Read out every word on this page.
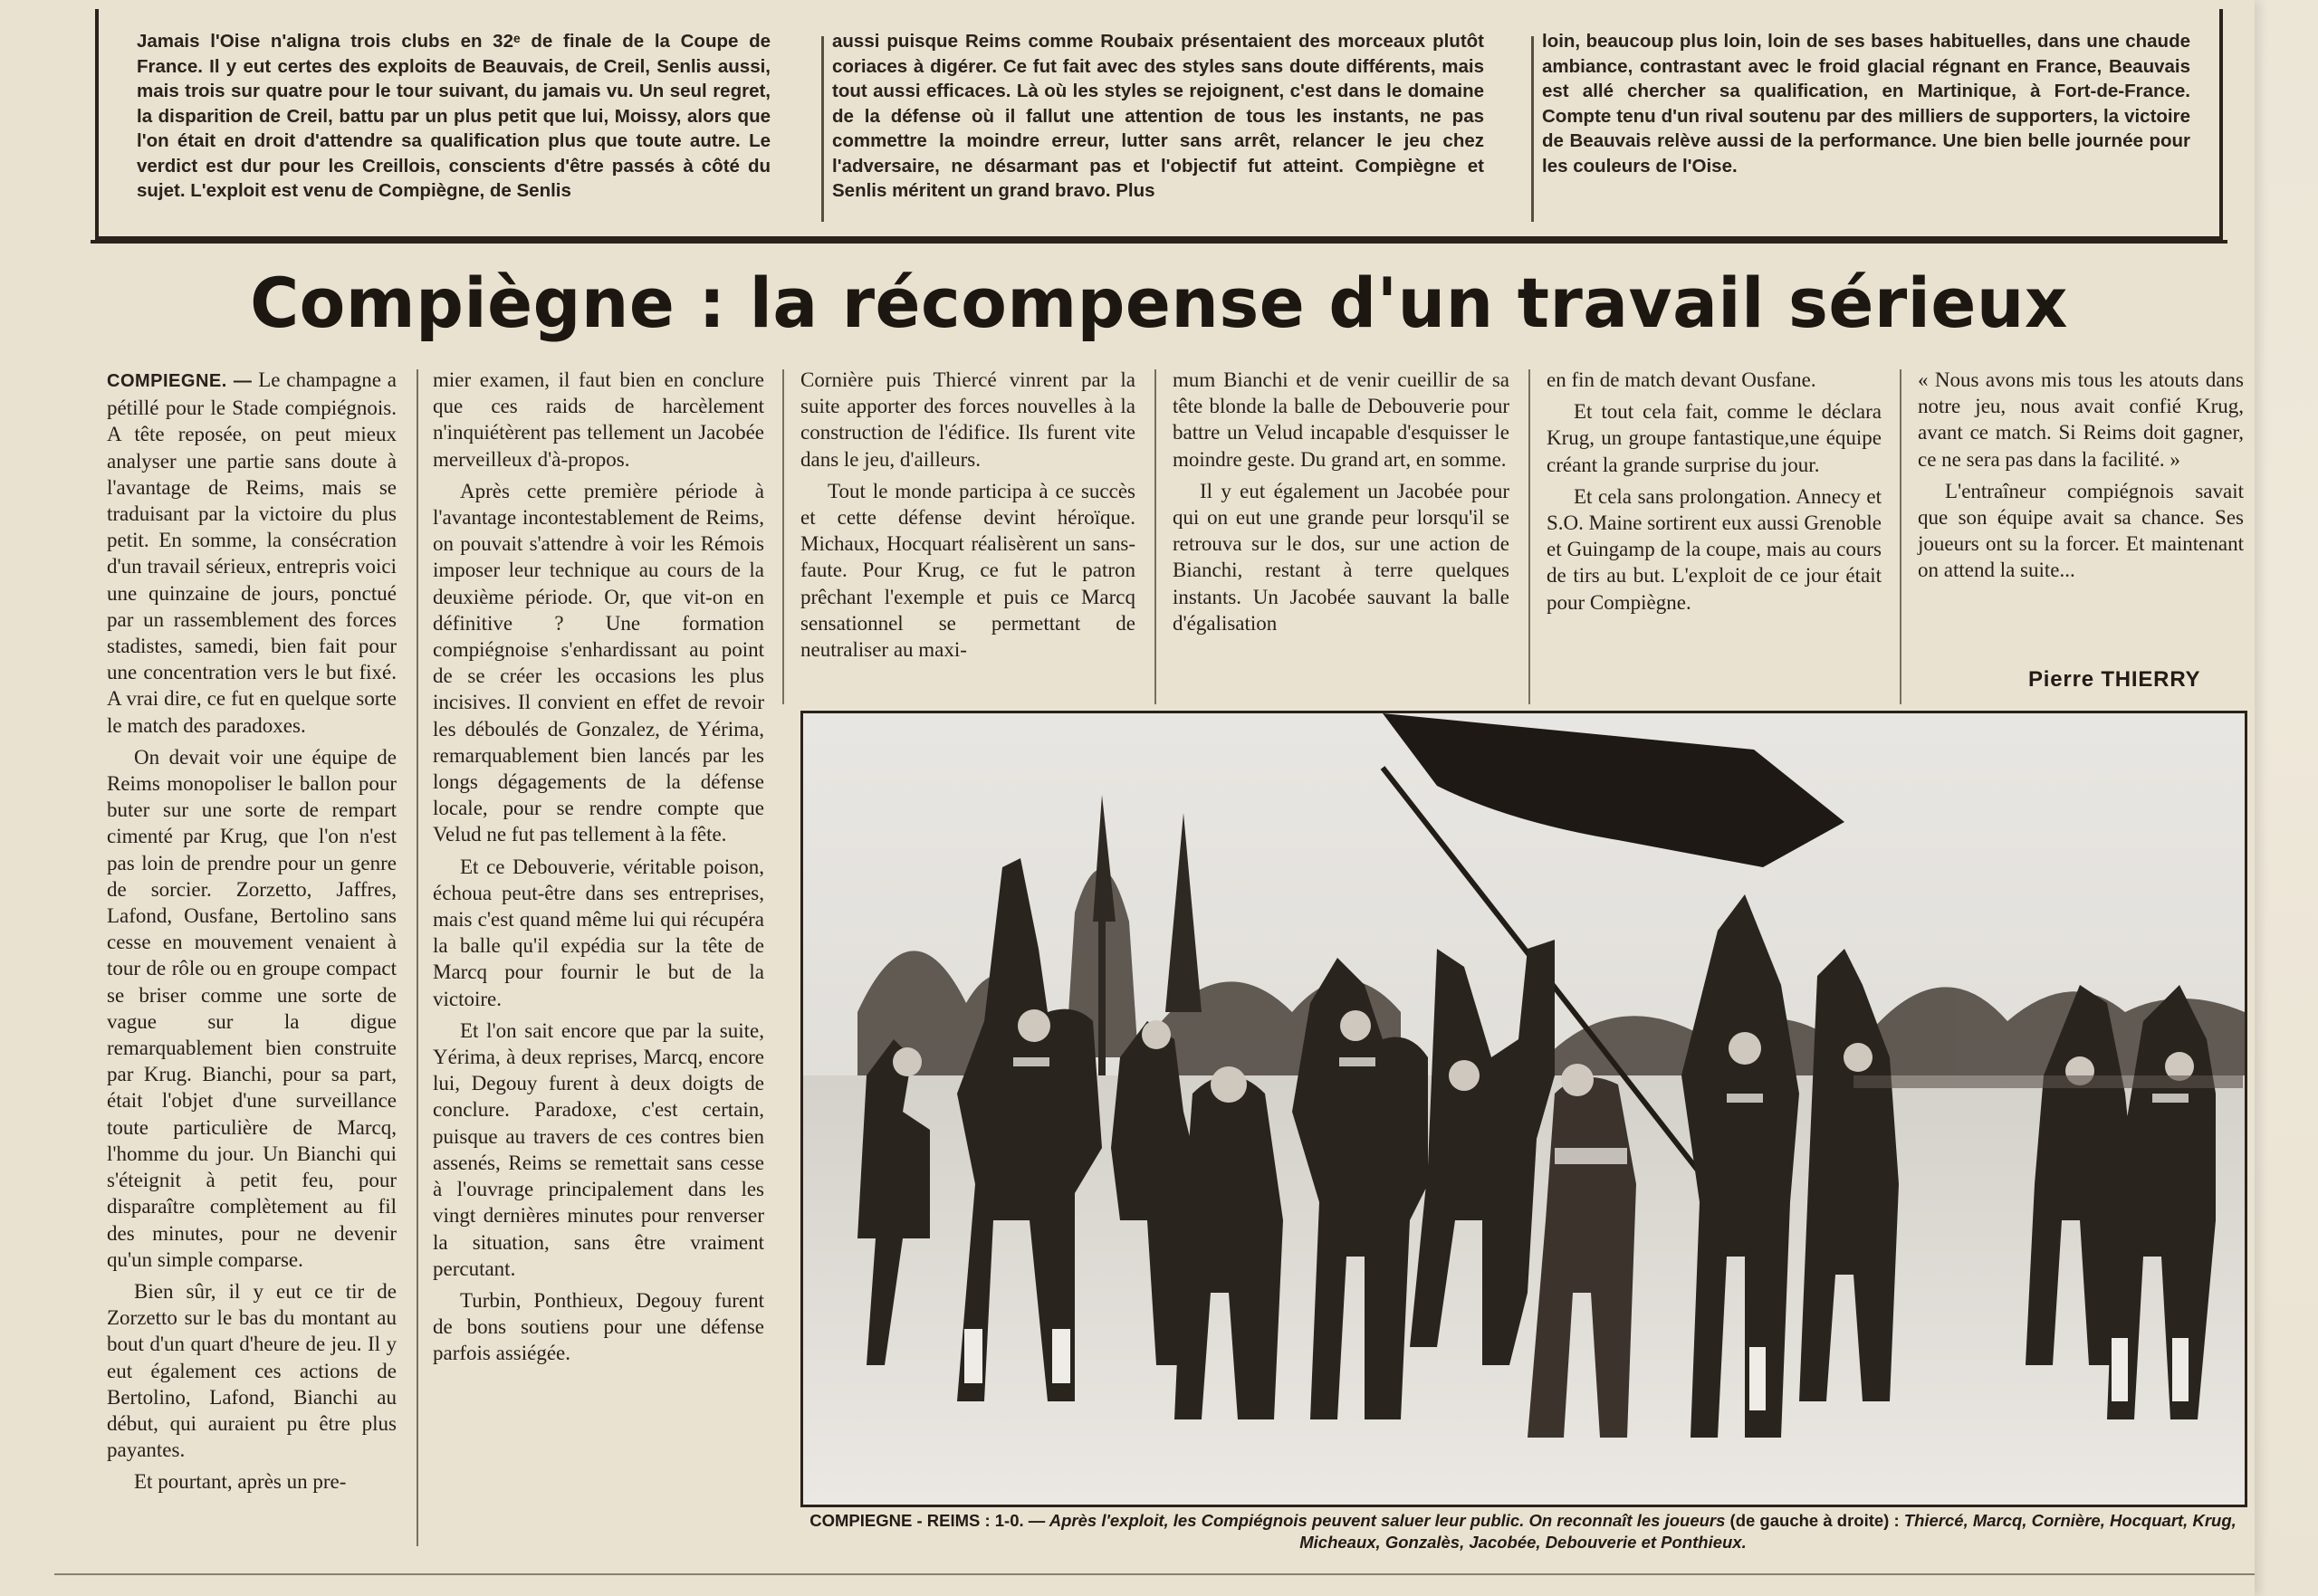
Jamais l'Oise n'aligna trois clubs en 32ᵉ de finale de la Coupe de France. Il y eut certes des exploits de Beauvais, de Creil, Senlis aussi, mais trois sur quatre pour le tour suivant, du jamais vu. Un seul regret, la disparition de Creil, battu par un plus petit que lui, Moissy, alors que l'on était en droit d'attendre sa qualification plus que toute autre. Le verdict est dur pour les Creillois, conscients d'être passés à côté du sujet. L'exploit est venu de Compiègne, de Senlis
aussi puisque Reims comme Roubaix présentaient des morceaux plutôt coriaces à digérer. Ce fut fait avec des styles sans doute différents, mais tout aussi efficaces. Là où les styles se rejoignent, c'est dans le domaine de la défense où il fallut une attention de tous les instants, ne pas commettre la moindre erreur, lutter sans arrêt, relancer le jeu chez l'adversaire, ne désarmant pas et l'objectif fut atteint. Compiègne et Senlis méritent un grand bravo. Plus
loin, beaucoup plus loin, loin de ses bases habituelles, dans une chaude ambiance, contrastant avec le froid glacial régnant en France, Beauvais est allé chercher sa qualification, en Martinique, à Fort-de-France. Compte tenu d'un rival soutenu par des milliers de supporters, la victoire de Beauvais relève aussi de la performance. Une bien belle journée pour les couleurs de l'Oise.
Compiègne : la récompense d'un travail sérieux

COMPIEGNE. — Le champagne a pétillé pour le Stade compiégnois. A tête reposée, on peut mieux analyser une partie sans doute à l'avantage de Reims, mais se traduisant par la victoire du plus petit. En somme, la consécration d'un travail sérieux, entrepris voici une quinzaine de jours, ponctué par un rassemblement des forces stadistes, samedi, bien fait pour une concentration vers le but fixé. A vrai dire, ce fut en quelque sorte le match des paradoxes.

On devait voir une équipe de Reims monopoliser le ballon pour buter sur une sorte de rempart cimenté par Krug, que l'on n'est pas loin de prendre pour un genre de sorcier. Zorzetto, Jaffres, Lafond, Ousfane, Bertolino sans cesse en mouvement venaient à tour de rôle ou en groupe compact se briser comme une sorte de vague sur la digue remarquablement bien construite par Krug. Bianchi, pour sa part, était l'objet d'une surveillance toute particulière de Marcq, l'homme du jour. Un Bianchi qui s'éteignit à petit feu, pour disparaître complètement au fil des minutes, pour ne devenir qu'un simple comparse.

Bien sûr, il y eut ce tir de Zorzetto sur le bas du montant au bout d'un quart d'heure de jeu. Il y eut également ces actions de Bertolino, Lafond, Bianchi au début, qui auraient pu être plus payantes.

Et pourtant, après un pre-

mier examen, il faut bien en conclure que ces raids de harcèlement n'inquiétèrent pas tellement un Jacobée merveilleux d'à-propos.

Après cette première période à l'avantage incontestablement de Reims, on pouvait s'attendre à voir les Rémois imposer leur technique au cours de la deuxième période. Or, que vit-on en définitive ? Une formation compiégnoise s'enhardissant au point de se créer les occasions les plus incisives. Il convient en effet de revoir les déboulés de Gonzalez, de Yérima, remarquablement bien lancés par les longs dégagements de la défense locale, pour se rendre compte que Velud ne fut pas tellement à la fête.

Et ce Debouverie, véritable poison, échoua peut-être dans ses entreprises, mais c'est quand même lui qui récupéra la balle qu'il expédia sur la tête de Marcq pour fournir le but de la victoire.

Et l'on sait encore que par la suite, Yérima, à deux reprises, Marcq, encore lui, Degouy furent à deux doigts de conclure. Paradoxe, c'est certain, puisque au travers de ces contres bien assenés, Reims se remettait sans cesse à l'ouvrage principalement dans les vingt dernières minutes pour renverser la situation, sans être vraiment percutant.

Turbin, Ponthieux, Degouy furent de bons soutiens pour une défense parfois assiégée.

Cornière puis Thiercé vinrent par la suite apporter des forces nouvelles à la construction de l'édifice. Ils furent vite dans le jeu, d'ailleurs.

Tout le monde participa à ce succès et cette défense devint héroïque. Michaux, Hocquart réalisèrent un sans-faute. Pour Krug, ce fut le patron prêchant l'exemple et puis ce Marcq sensationnel se permettant de neutraliser au maxi-

mum Bianchi et de venir cueillir de sa tête blonde la balle de Debouverie pour battre un Velud incapable d'esquisser le moindre geste. Du grand art, en somme.

Il y eut également un Jacobée pour qui on eut une grande peur lorsqu'il se retrouva sur le dos, sur une action de Bianchi, restant à terre quelques instants. Un Jacobée sauvant la balle d'égalisation

en fin de match devant Ousfane.

Et tout cela fait, comme le déclara Krug, un groupe fantastique,une équipe créant la grande surprise du jour.

Et cela sans prolongation. Annecy et S.O. Maine sortirent eux aussi Grenoble et Guingamp de la coupe, mais au cours de tirs au but. L'exploit de ce jour était pour Compiègne.

« Nous avons mis tous les atouts dans notre jeu, nous avait confié Krug, avant ce match. Si Reims doit gagner, ce ne sera pas dans la facilité. »

L'entraîneur compiégnois savait que son équipe avait sa chance. Ses joueurs ont su la forcer. Et maintenant on attend la suite...

Pierre THIERRY
COMPIEGNE - REIMS : 1-0. — Après l'exploit, les Compiégnois peuvent saluer leur public. On reconnaît les joueurs (de gauche à droite) : Thiercé, Marcq, Cornière, Hocquart, Krug, Micheaux, Gonzalès, Jacobée, Debouverie et Ponthieux.
